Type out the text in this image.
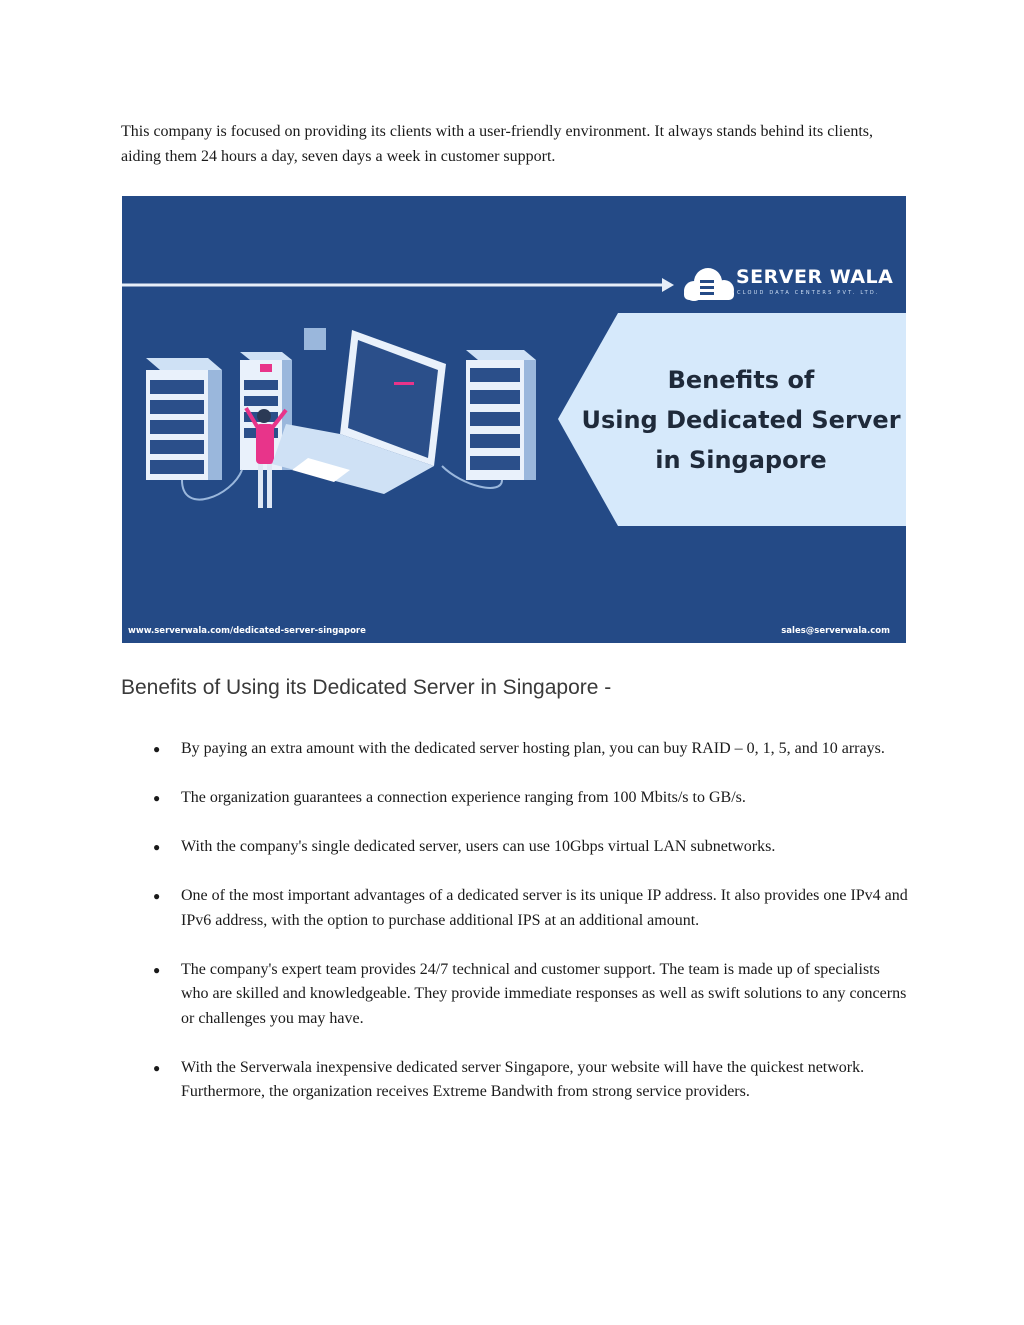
This company is focused on providing its clients with a user-friendly environment. It always stands behind its clients, aiding them 24 hours a day, seven days a week in customer support.

SERVER WALA
CLOUD DATA CENTERS PVT. LTD.
Benefits of
Using Dedicated Server
in Singapore
www.serverwala.com/dedicated-server-singapore	sales@serverwala.com
Benefits of Using its Dedicated Server in Singapore -
● By paying an extra amount with the dedicated server hosting plan, you can buy RAID – 0, 1, 5, and 10 arrays.
● The organization guarantees a connection experience ranging from 100 Mbits/s to GB/s.
● With the company's single dedicated server, users can use 10Gbps virtual LAN subnetworks.
● One of the most important advantages of a dedicated server is its unique IP address. It also provides one IPv4 and IPv6 address, with the option to purchase additional IPS at an additional amount.
● The company's expert team provides 24/7 technical and customer support. The team is made up of specialists who are skilled and knowledgeable. They provide immediate responses as well as swift solutions to any concerns or challenges you may have.
● With the Serverwala inexpensive dedicated server Singapore, your website will have the quickest network. Furthermore, the organization receives Extreme Bandwith from strong service providers.
